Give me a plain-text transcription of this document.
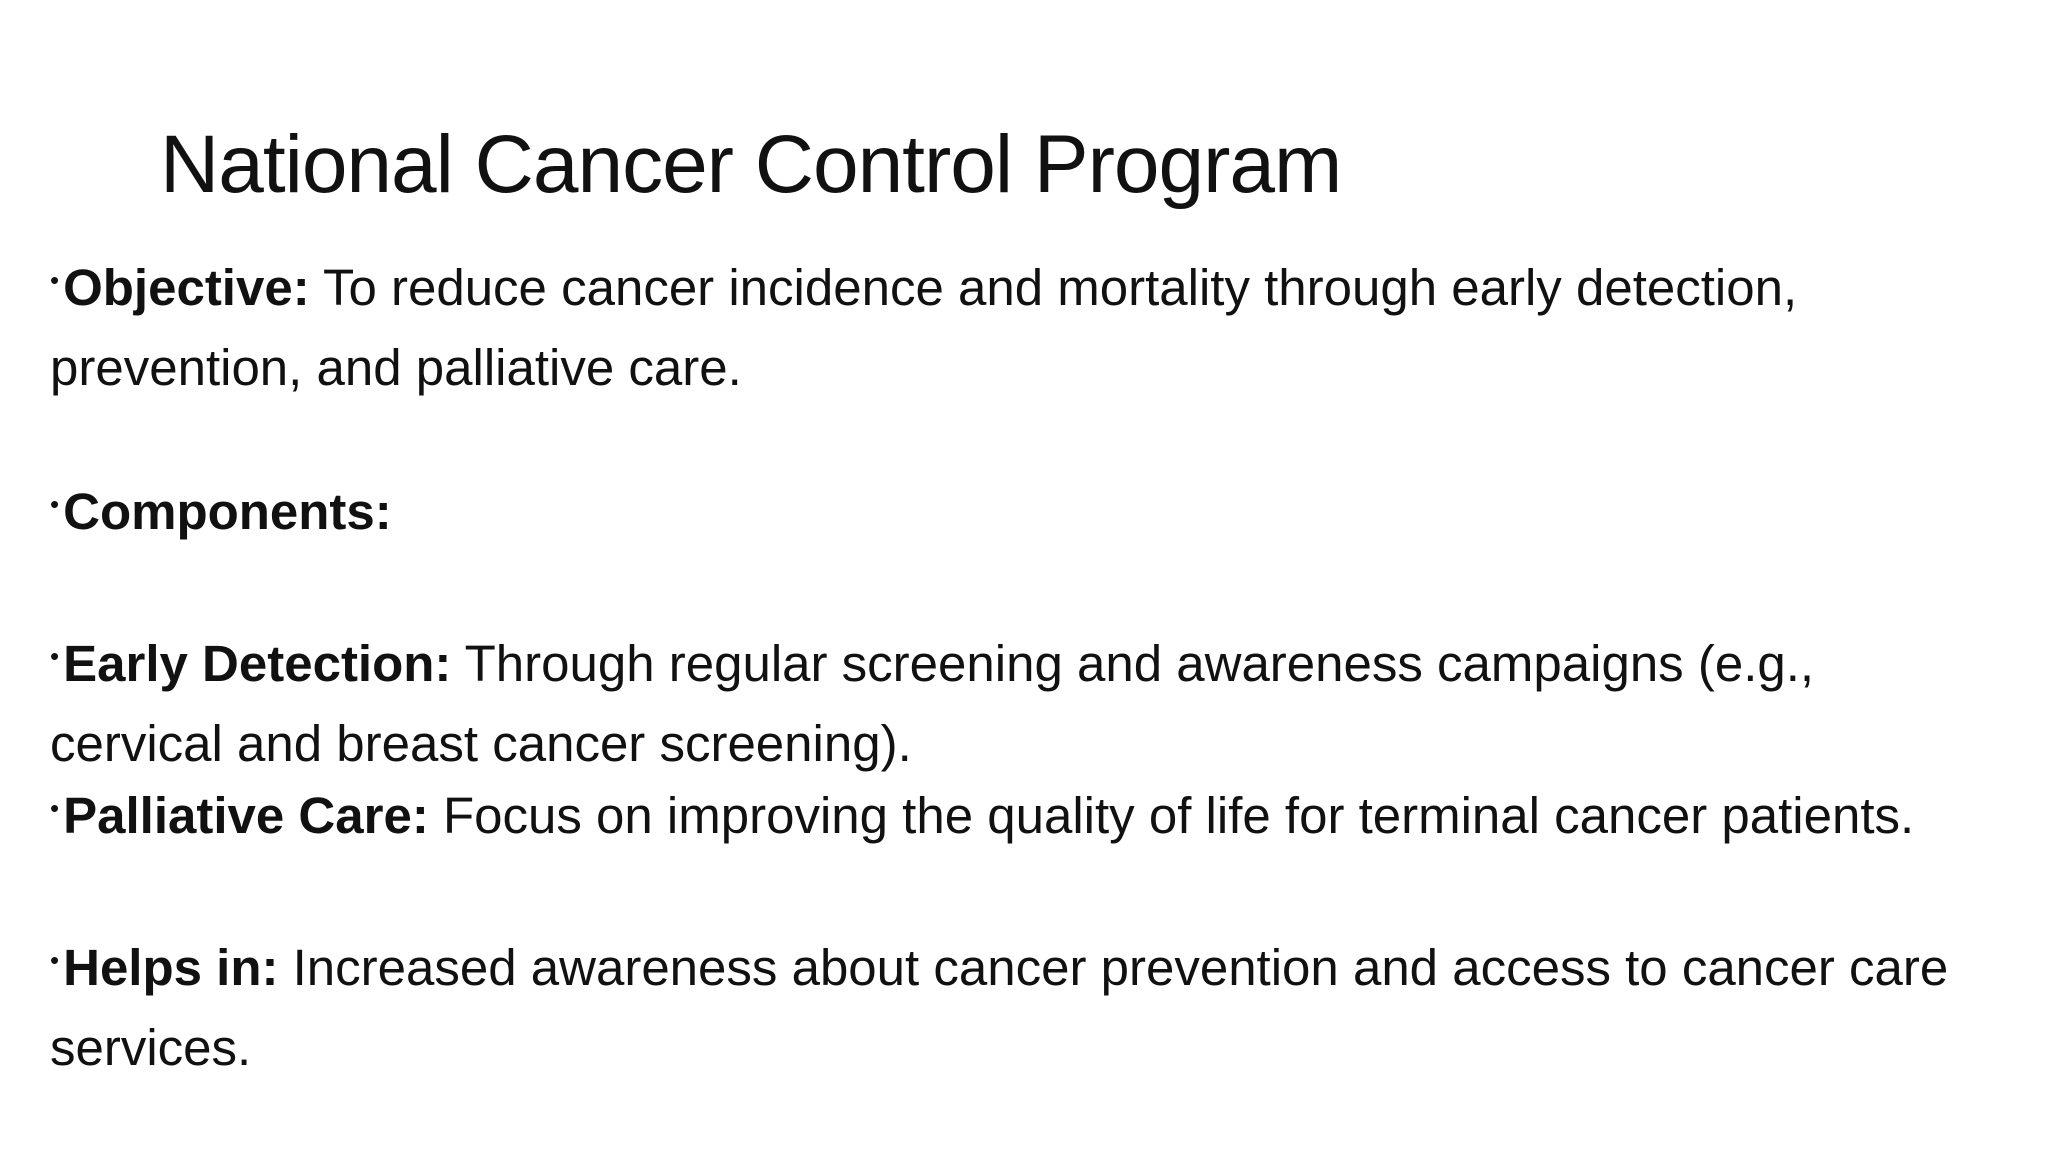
National Cancer Control Program

•Objective: To reduce cancer incidence and mortality through early detection, prevention, and palliative care.

•Components:

•Early Detection: Through regular screening and awareness campaigns (e.g., cervical and breast cancer screening).

•Palliative Care: Focus on improving the quality of life for terminal cancer patients.

•Helps in: Increased awareness about cancer prevention and access to cancer care services.
